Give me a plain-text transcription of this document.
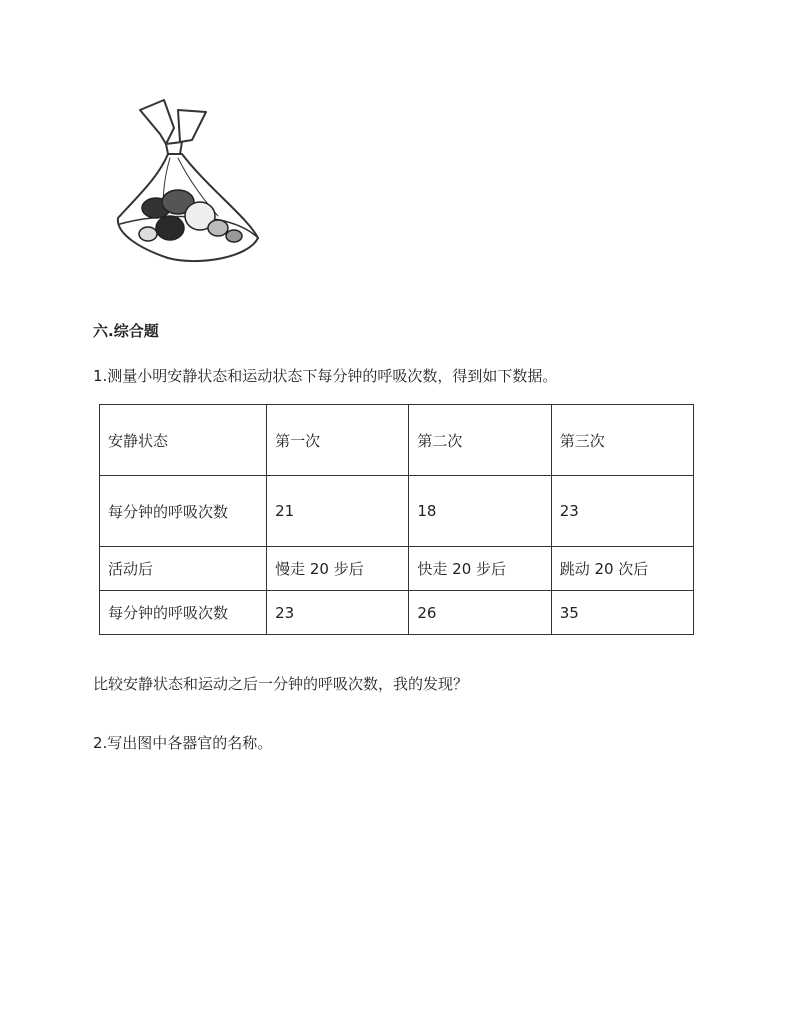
六.综合题
1.测量小明安静状态和运动状态下每分钟的呼吸次数，得到如下数据。
安静状态	第一次	第二次	第三次
每分钟的呼吸次数	21	18	23
活动后	慢走 20 步后	快走 20 步后	跳动 20 次后
每分钟的呼吸次数	23	26	35
比较安静状态和运动之后一分钟的呼吸次数，我的发现？
2.写出图中各器官的名称。
